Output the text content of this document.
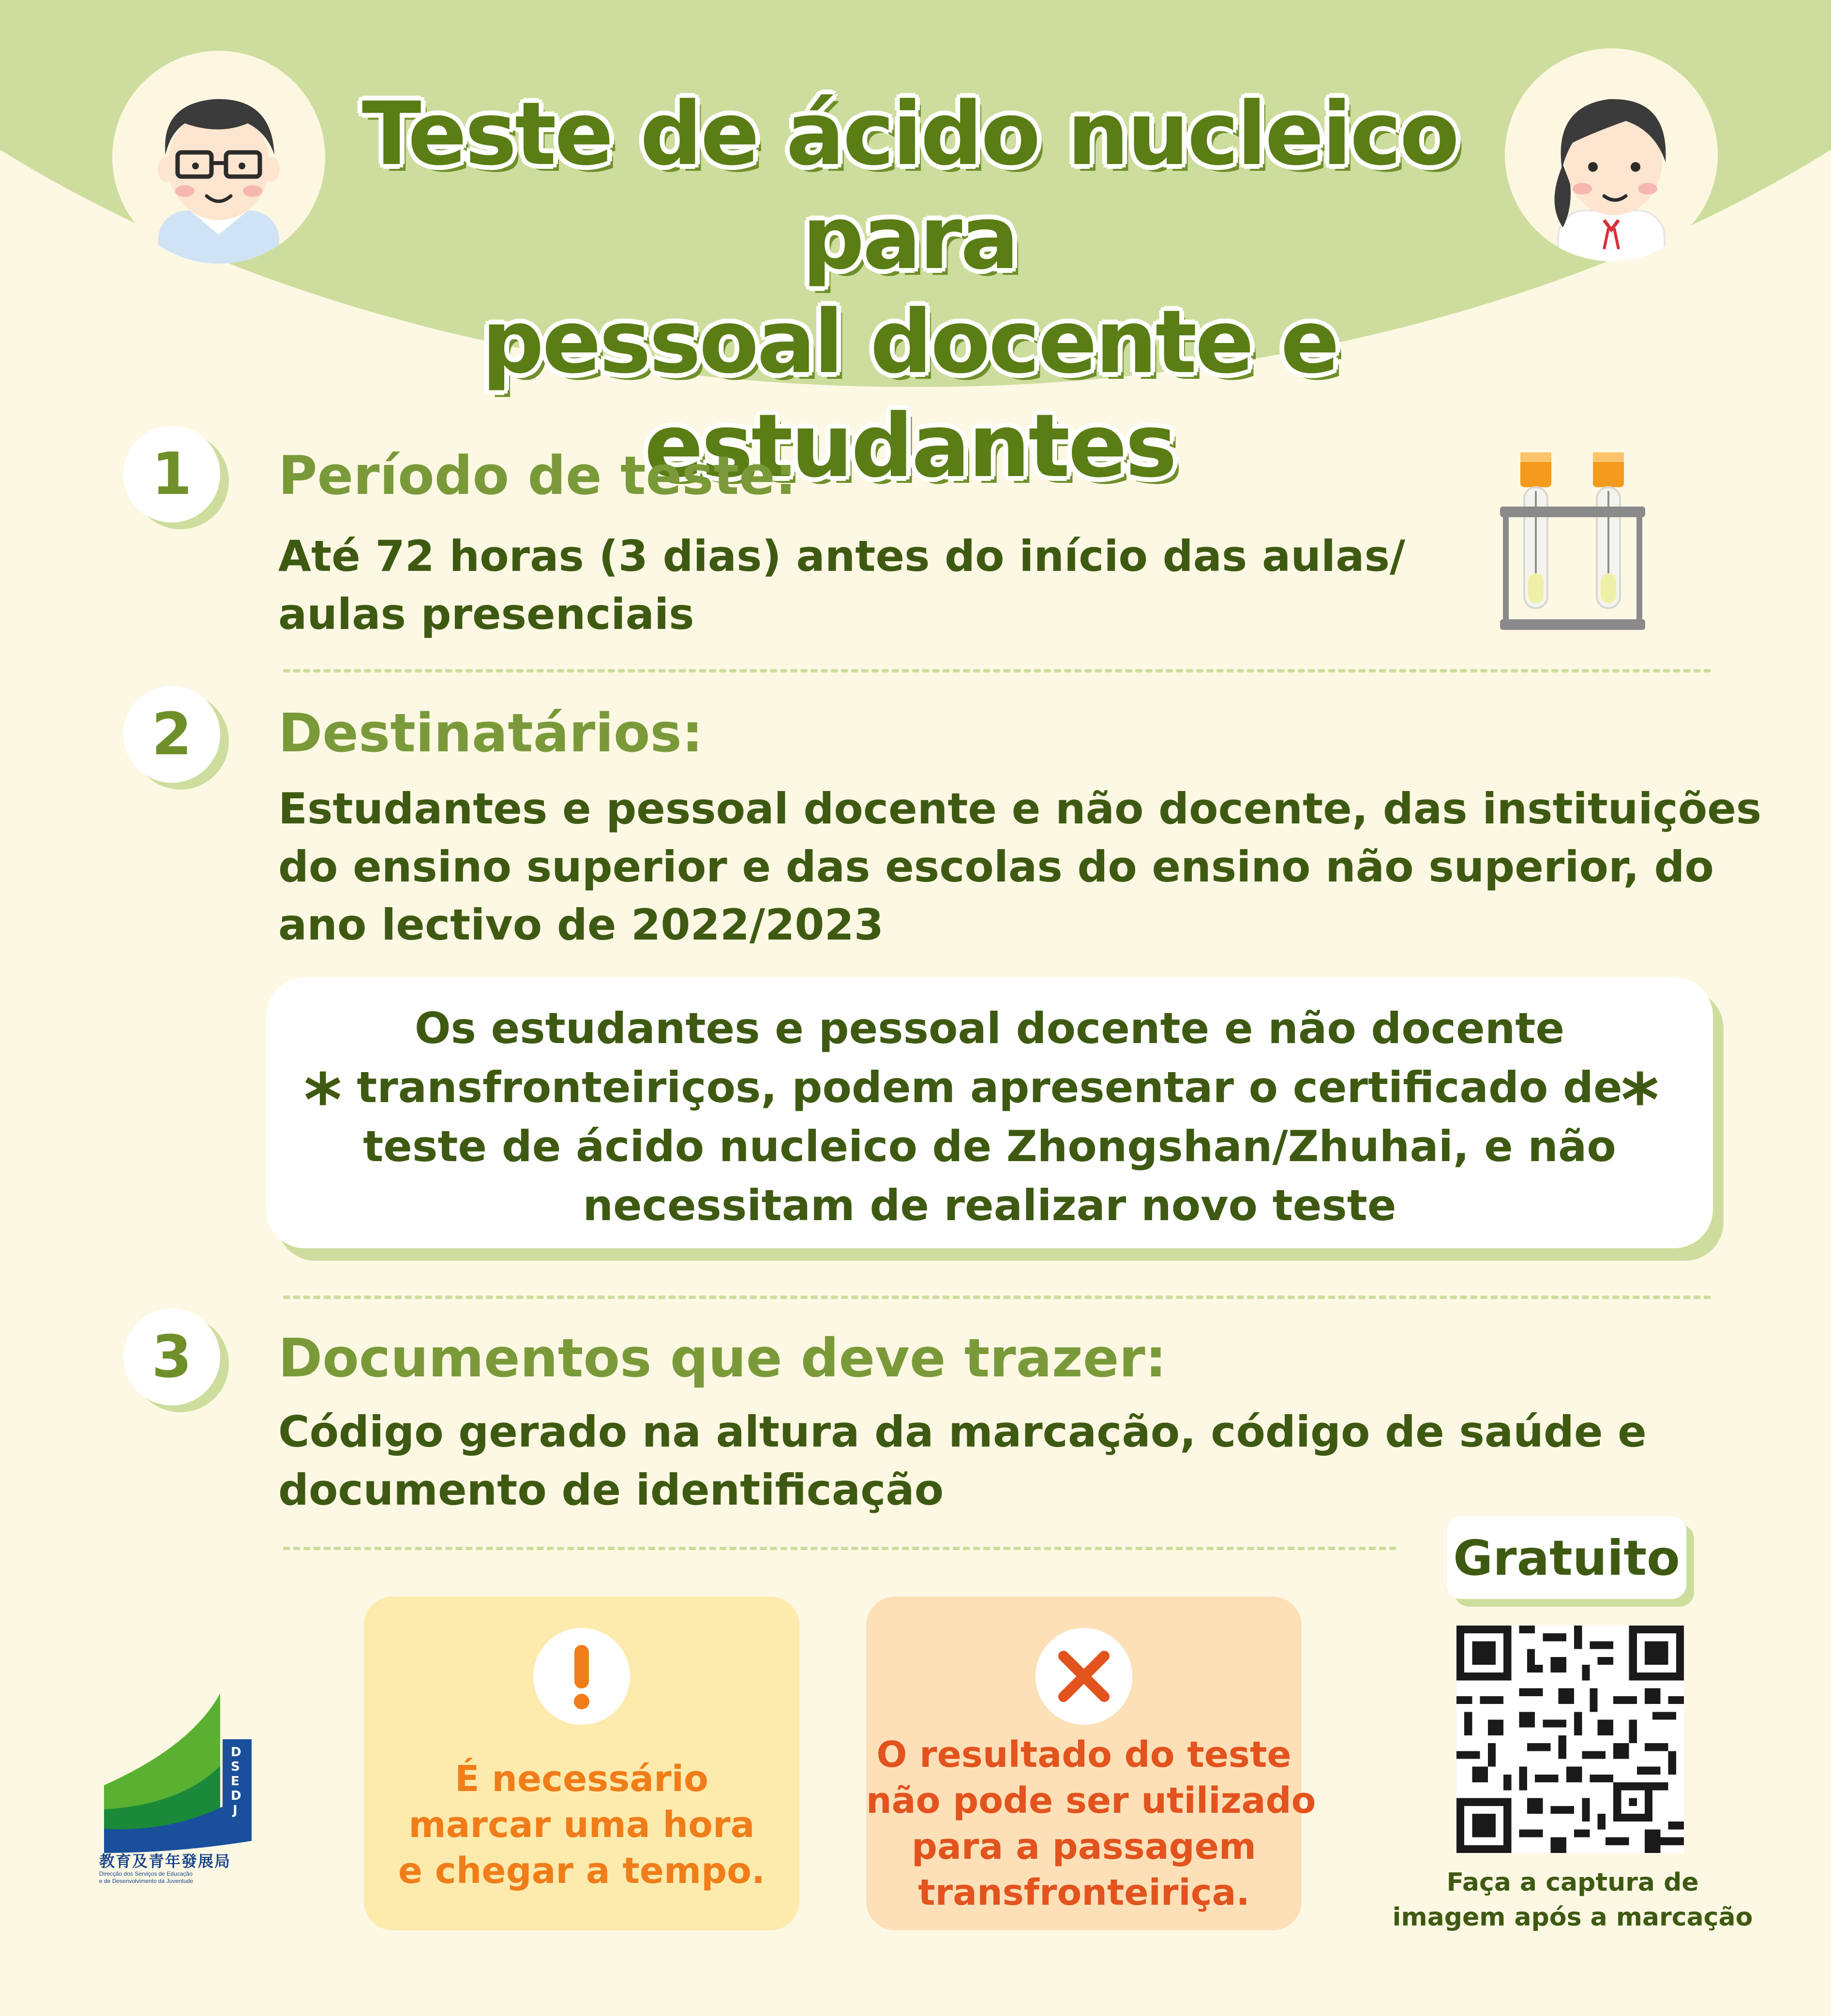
Teste de ácido nucleico para
pessoal docente e estudantes
1	Período de teste:
Até 72 horas (3 dias) antes do início das aulas/
aulas presenciais
2	Destinatários:
Estudantes e pessoal docente e não docente, das instituições
do ensino superior e das escolas do ensino não superior, do
ano lectivo de 2022/2023
*	*
Os estudantes e pessoal docente e não docente
transfronteiriços, podem apresentar o certificado de
teste de ácido nucleico de Zhongshan/Zhuhai, e não
necessitam de realizar novo teste
3	Documentos que deve trazer:
Código gerado na altura da marcação, código de saúde e
documento de identificação
É necessário
marcar uma hora
e chegar a tempo.
O resultado do teste
não pode ser utilizado
para a passagem
transfronteiriça.
Gratuito
Faça a captura de
imagem após a marcação
D
S
E
D
J
教育及青年發展局
Direcção dos Serviços de Educação
e de Desenvolvimento da Juventude
